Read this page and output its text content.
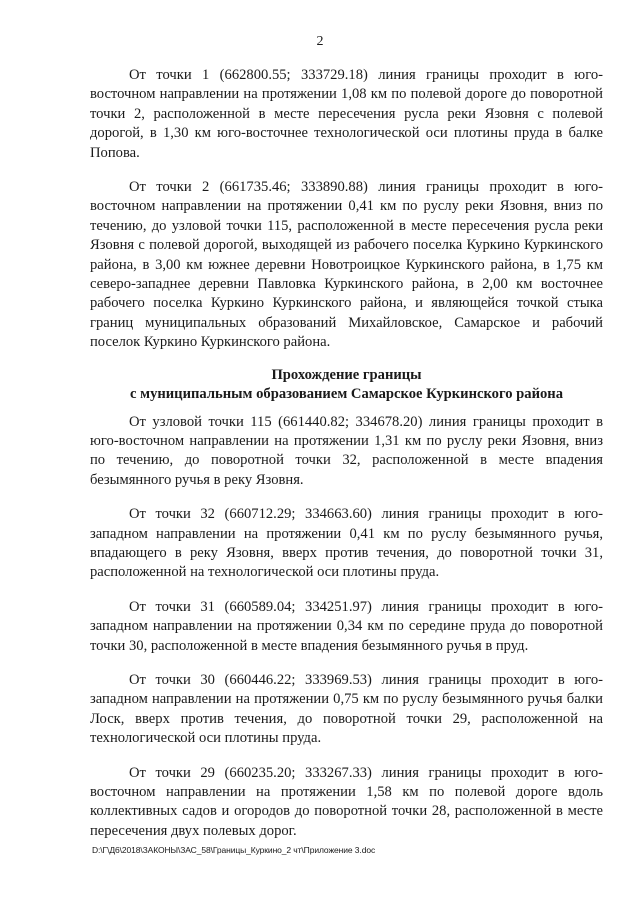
2

От точки 1 (662800.55; 333729.18) линия границы проходит в юго-восточном направлении на протяжении 1,08 км по полевой дороге до поворотной точки 2, расположенной в месте пересечения русла реки Язовня с полевой дорогой, в 1,30 км юго-восточнее технологической оси плотины пруда в балке Попова.

От точки 2 (661735.46; 333890.88) линия границы проходит в юго-восточном направлении на протяжении 0,41 км по руслу реки Язовня, вниз по течению, до узловой точки 115, расположенной в месте пересечения русла реки Язовня с полевой дорогой, выходящей из рабочего поселка Куркино Куркинского района, в 3,00 км южнее деревни Новотроицкое Куркинского района, в 1,75 км северо-западнее деревни Павловка Куркинского района, в 2,00 км восточнее рабочего поселка Куркино Куркинского района, и являющейся точкой стыка границ муниципальных образований Михайловское, Самарское и рабочий поселок Куркино Куркинского района.

Прохождение границы
с муниципальным образованием Самарское Куркинского района

От узловой точки 115 (661440.82; 334678.20) линия границы проходит в юго-восточном направлении на протяжении 1,31 км по руслу реки Язовня, вниз по течению, до поворотной точки 32, расположенной в месте впадения безымянного ручья в реку Язовня.

От точки 32 (660712.29; 334663.60) линия границы проходит в юго-западном направлении на протяжении 0,41 км по руслу безымянного ручья, впадающего в реку Язовня, вверх против течения, до поворотной точки 31, расположенной на технологической оси плотины пруда.

От точки 31 (660589.04; 334251.97) линия границы проходит в юго-западном направлении на протяжении 0,34 км по середине пруда до поворотной точки 30, расположенной в месте впадения безымянного ручья в пруд.

От точки 30 (660446.22; 333969.53) линия границы проходит в юго-западном направлении на протяжении 0,75 км по руслу безымянного ручья балки Лоск, вверх против течения, до поворотной точки 29, расположенной на технологической оси плотины пруда.

От точки 29 (660235.20; 333267.33) линия границы проходит в юго-восточном направлении на протяжении 1,58 км по полевой дороге вдоль коллективных садов и огородов до поворотной точки 28, расположенной в месте пересечения двух полевых дорог.

D:\Г\Д6\2018\ЗАКОНЫ\ЗАС_58\Границы_Куркино_2 чт\Приложение 3.doc
